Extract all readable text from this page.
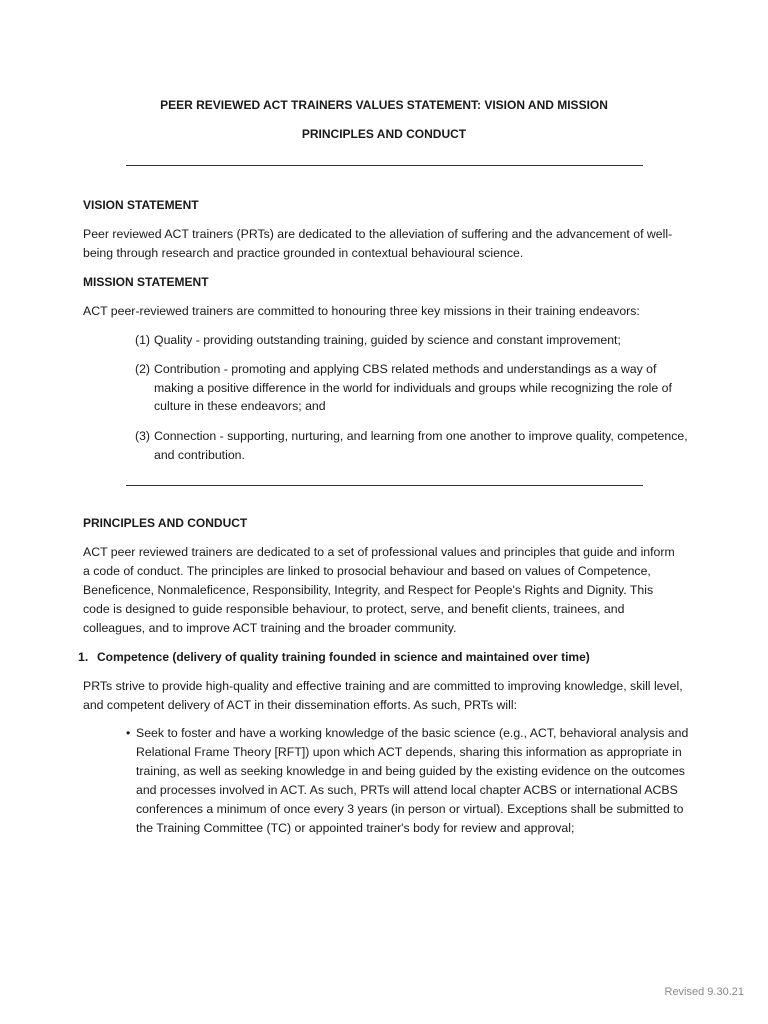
PEER REVIEWED ACT TRAINERS VALUES STATEMENT: VISION AND MISSION
PRINCIPLES AND CONDUCT
VISION STATEMENT

Peer reviewed ACT trainers (PRTs) are dedicated to the alleviation of suffering and the advancement of well-being through research and practice grounded in contextual behavioural science.

MISSION STATEMENT

ACT peer-reviewed trainers are committed to honouring three key missions in their training endeavors:

(1) Quality - providing outstanding training, guided by science and constant improvement;
(2) Contribution - promoting and applying CBS related methods and understandings as a way of making a positive difference in the world for individuals and groups while recognizing the role of culture in these endeavors; and
(3) Connection - supporting, nurturing, and learning from one another to improve quality, competence, and contribution.
PRINCIPLES AND CONDUCT

ACT peer reviewed trainers are dedicated to a set of professional values and principles that guide and inform a code of conduct. The principles are linked to prosocial behaviour and based on values of Competence, Beneficence, Nonmaleficence, Responsibility, Integrity, and Respect for People's Rights and Dignity. This code is designed to guide responsible behaviour, to protect, serve, and benefit clients, trainees, and colleagues, and to improve ACT training and the broader community.

1. Competence (delivery of quality training founded in science and maintained over time)

PRTs strive to provide high-quality and effective training and are committed to improving knowledge, skill level, and competent delivery of ACT in their dissemination efforts. As such, PRTs will:

• Seek to foster and have a working knowledge of the basic science (e.g., ACT, behavioral analysis and Relational Frame Theory [RFT]) upon which ACT depends, sharing this information as appropriate in training, as well as seeking knowledge in and being guided by the existing evidence on the outcomes and processes involved in ACT. As such, PRTs will attend local chapter ACBS or international ACBS conferences a minimum of once every 3 years (in person or virtual). Exceptions shall be submitted to the Training Committee (TC) or appointed trainer's body for review and approval;
Revised 9.30.21
